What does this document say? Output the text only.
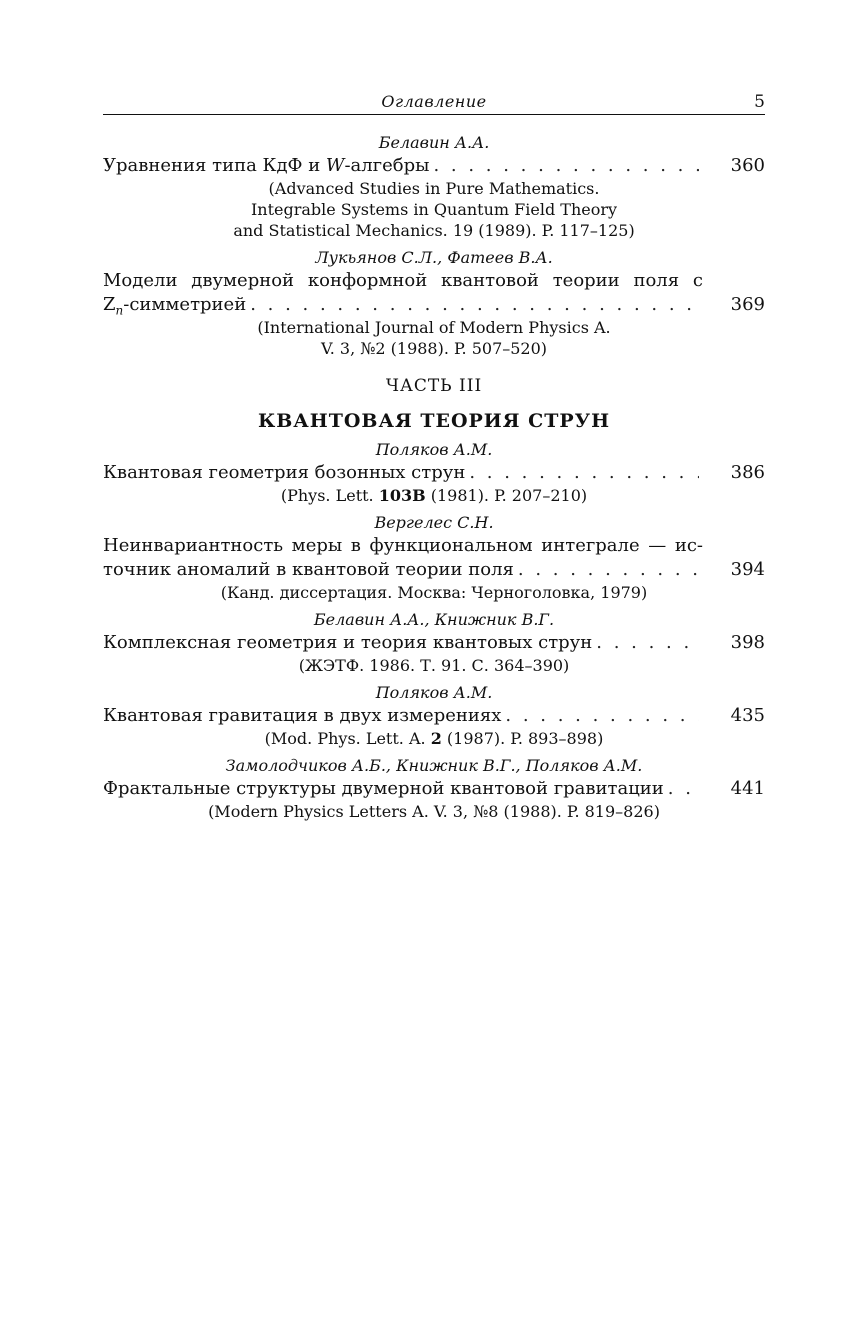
Оглавление	5
Белавин А.А.
Уравнения типа КдФ и W-алгебры . . .	360
(Advanced Studies in Pure Mathematics.
Integrable Systems in Quantum Field Theory
and Statistical Mechanics. 19 (1989). P. 117–125)
Лукьянов С.Л., Фатеев В.А.
Модели двумерной конформной квантовой теории поля с
$Z_n$-симметрией . . .	369
(International Journal of Modern Physics A.
V. 3, №2 (1988). P. 507–520)
ЧАСТЬ III
КВАНТОВАЯ ТЕОРИЯ СТРУН
Поляков А.М.
Квантовая геометрия бозонных струн . . .	386
(Phys. Lett. 103B (1981). P. 207–210)
Вергелес С.Н.
Неинвариантность меры в функциональном интеграле — ис-
точник аномалий в квантовой теории поля . . .	394
(Канд. диссертация. Москва: Черноголовка, 1979)
Белавин А.А., Книжник В.Г.
Комплексная геометрия и теория квантовых струн . . .	398
(ЖЭТФ. 1986. Т. 91. С. 364–390)
Поляков А.М.
Квантовая гравитация в двух измерениях . . .	435
(Mod. Phys. Lett. A. 2 (1987). P. 893–898)
Замолодчиков А.Б., Книжник В.Г., Поляков А.М.
Фрактальные структуры двумерной квантовой гравитации . . .	441
(Modern Physics Letters A. V. 3, №8 (1988). P. 819–826)
